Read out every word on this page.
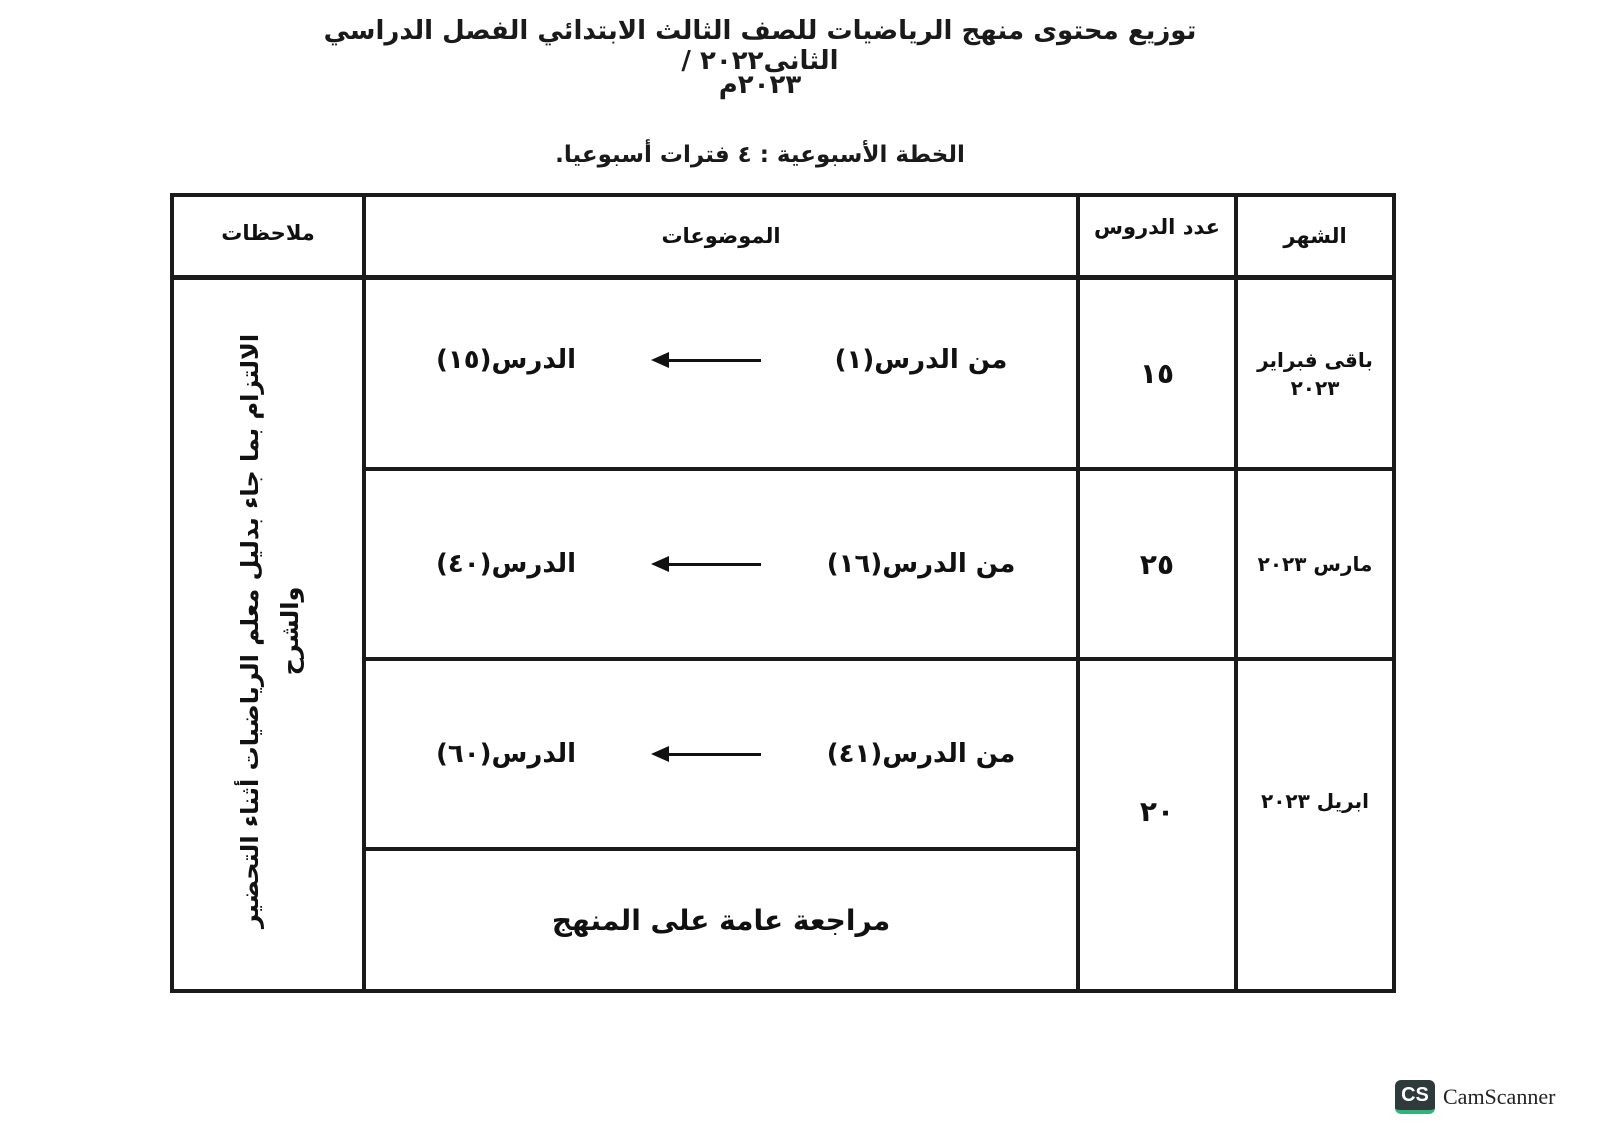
توزيع محتوى منهج الرياضيات للصف الثالث الابتدائي الفصل الدراسي الثانى٢٠٢٢ /
٢٠٢٣م
الخطة الأسبوعية : ٤ فترات أسبوعيا.
الشهر
عدد الدروس
الموضوعات
ملاحظات
باقى فبراير ٢٠٢٣
١٥
من الدرس(١)
الدرس(١٥)
مارس ٢٠٢٣
٢٥
من الدرس(١٦)
الدرس(٤٠)
ابريل ٢٠٢٣
٢٠
من الدرس(٤١)
الدرس(٦٠)
مراجعة عامة على المنهج
الالتزام بما جاء بدليل معلم الرياضيات أثناء التحضير والشرح
CS CamScanner
